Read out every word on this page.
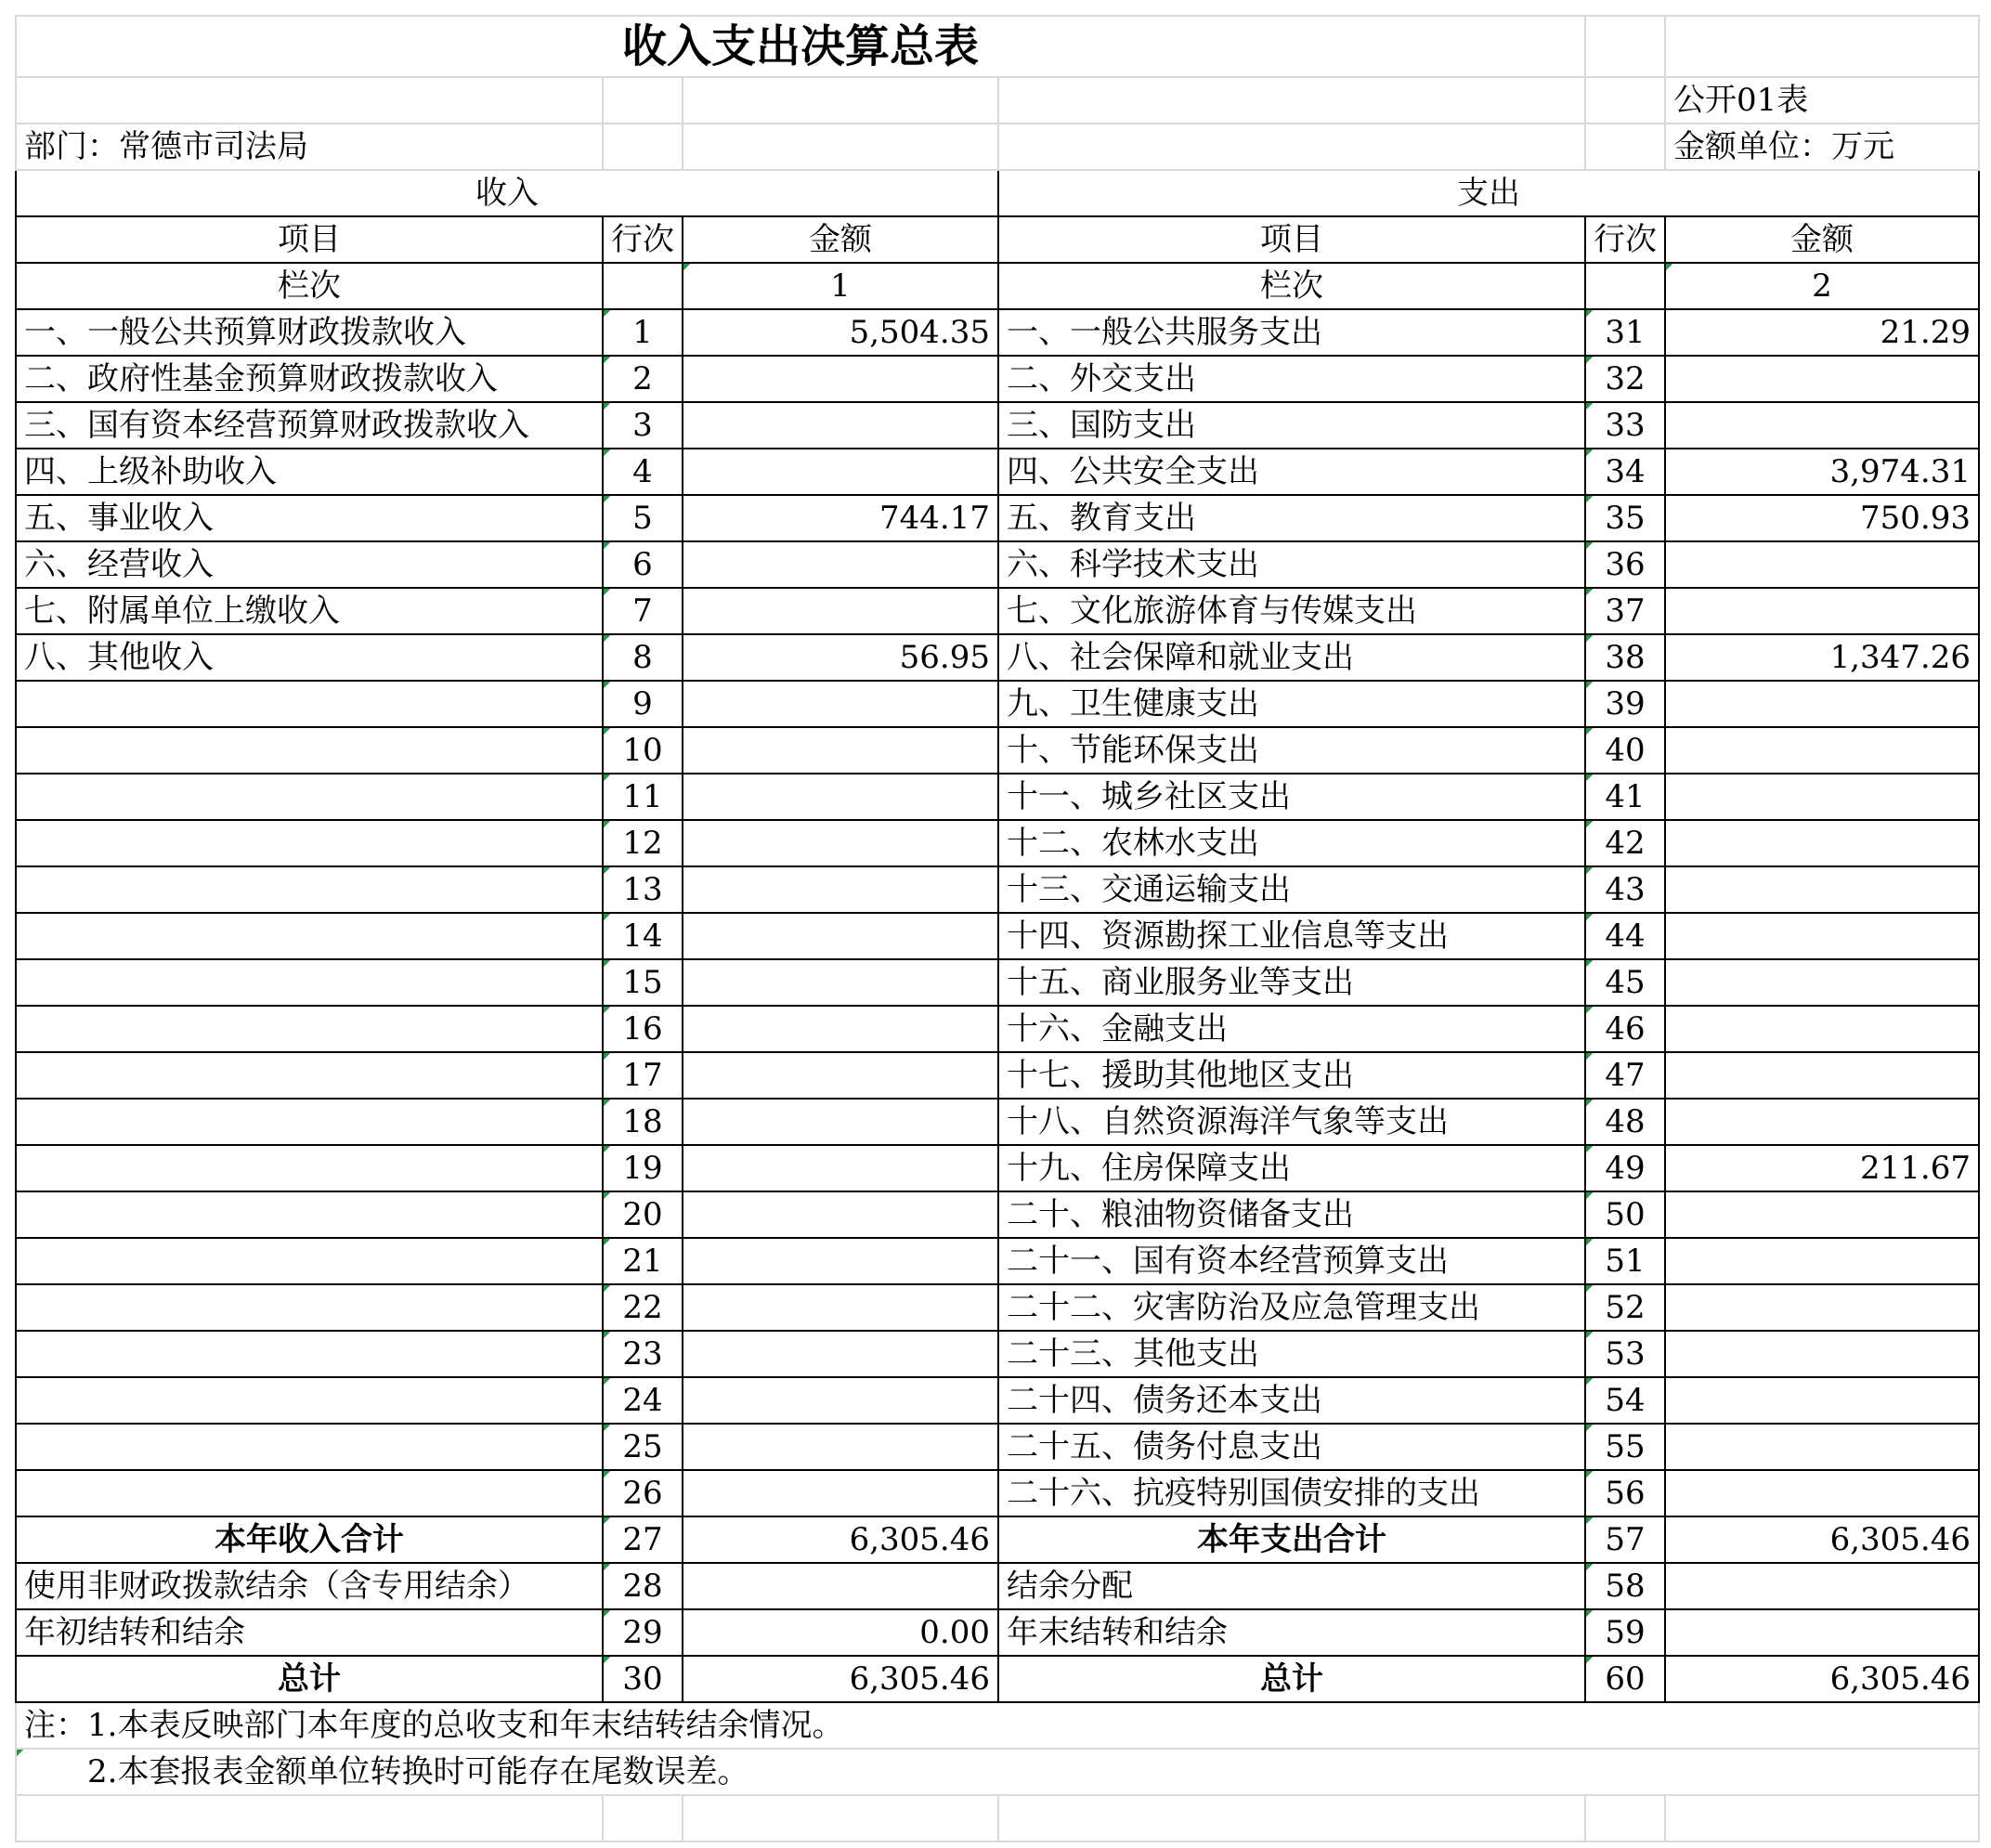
收入支出决算总表					
					公开01表
部门：常德市司法局					金额单位：万元
收入			支出		
项目	行次	金额	项目	行次	金额
栏次		1	栏次		2
一、一般公共预算财政拨款收入	1	5,504.35	一、一般公共服务支出	31	21.29
二、政府性基金预算财政拨款收入	2		二、外交支出	32	
三、国有资本经营预算财政拨款收入	3		三、国防支出	33	
四、上级补助收入	4		四、公共安全支出	34	3,974.31
五、事业收入	5	744.17	五、教育支出	35	750.93
六、经营收入	6		六、科学技术支出	36	
七、附属单位上缴收入	7		七、文化旅游体育与传媒支出	37	
八、其他收入	8	56.95	八、社会保障和就业支出	38	1,347.26
	9		九、卫生健康支出	39	
	10		十、节能环保支出	40	
	11		十一、城乡社区支出	41	
	12		十二、农林水支出	42	
	13		十三、交通运输支出	43	
	14		十四、资源勘探工业信息等支出	44	
	15		十五、商业服务业等支出	45	
	16		十六、金融支出	46	
	17		十七、援助其他地区支出	47	
	18		十八、自然资源海洋气象等支出	48	
	19		十九、住房保障支出	49	211.67
	20		二十、粮油物资储备支出	50	
	21		二十一、国有资本经营预算支出	51	
	22		二十二、灾害防治及应急管理支出	52	
	23		二十三、其他支出	53	
	24		二十四、债务还本支出	54	
	25		二十五、债务付息支出	55	
	26		二十六、抗疫特别国债安排的支出	56	
本年收入合计	27	6,305.46	本年支出合计	57	6,305.46
使用非财政拨款结余（含专用结余）	28		结余分配	58	
年初结转和结余	29	0.00	年末结转和结余	59	
总计	30	6,305.46	总计	60	6,305.46
注：1.本表反映部门本年度的总收支和年末结转结余情况。					
　　2.本套报表金额单位转换时可能存在尾数误差。					
